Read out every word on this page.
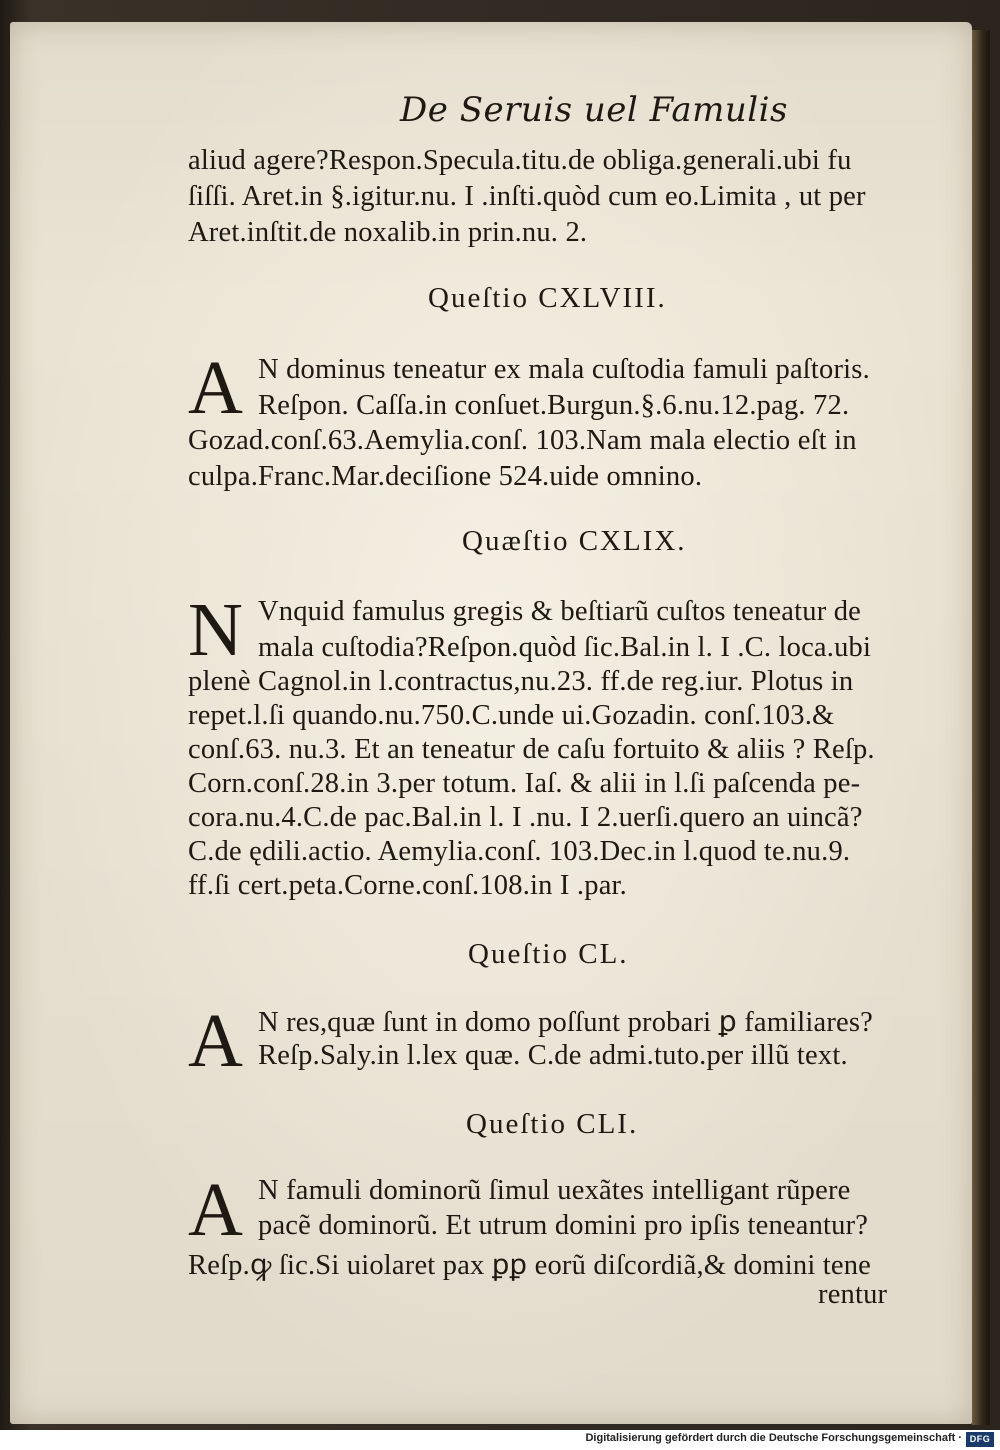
De Seruis uel Famulis
aliud agere?Respon.Specula.titu.de obliga.generali.ubi fu
ſiſſi. Aret.in §.igitur.nu. I .inſti.quòd cum eo.Limita , ut per
Aret.inſtit.de noxalib.in prin.nu. 2.
Queſtio CXLVIII.
A N dominus teneatur ex mala cuſtodia famuli paſtoris.
Reſpon. Caſſa.in conſuet.Burgun.§.6.nu.12.pag. 72.
Gozad.conſ.63.Aemylia.conſ. 103.Nam mala electio eſt in
culpa.Franc.Mar.deciſione 524.uide omnino.
Quæſtio CXLIX.
N Vnquid famulus gregis & beſtiarũ cuſtos teneatur de
mala cuſtodia?Reſpon.quòd ſic.Bal.in l. I .C. loca.ubi
plenè Cagnol.in l.contractus,nu.23. ff.de reg.iur. Plotus in
repet.l.ſi quando.nu.750.C.unde ui.Gozadin. conſ.103.&
conſ.63. nu.3. Et an teneatur de caſu fortuito & aliis ? Reſp.
Corn.conſ.28.in 3.per totum. Iaſ. & alii in l.ſi paſcenda pe-
cora.nu.4.C.de pac.Bal.in l. I .nu. I 2.uerſi.quero an uincã?
C.de ędili.actio. Aemylia.conſ. 103.Dec.in l.quod te.nu.9.
ff.ſi cert.peta.Corne.conſ.108.in I .par.
Queſtio CL.
A N res,quæ ſunt in domo poſſunt probari ꝑ familiares?
Reſp.Saly.in l.lex quæ. C.de admi.tuto.per illũ text.
Queſtio CLI.
A N famuli dominorũ ſimul uexãtes intelligant rũpere
pacẽ dominorũ. Et utrum domini pro ipſis teneantur?
Reſp.ꝙ ſic.Si uiolaret pax ꝑꝑ eorũ diſcordiã,& domini tene
rentur
Digitalisierung gefördert durch die Deutsche Forschungsgemeinschaft · DFG
